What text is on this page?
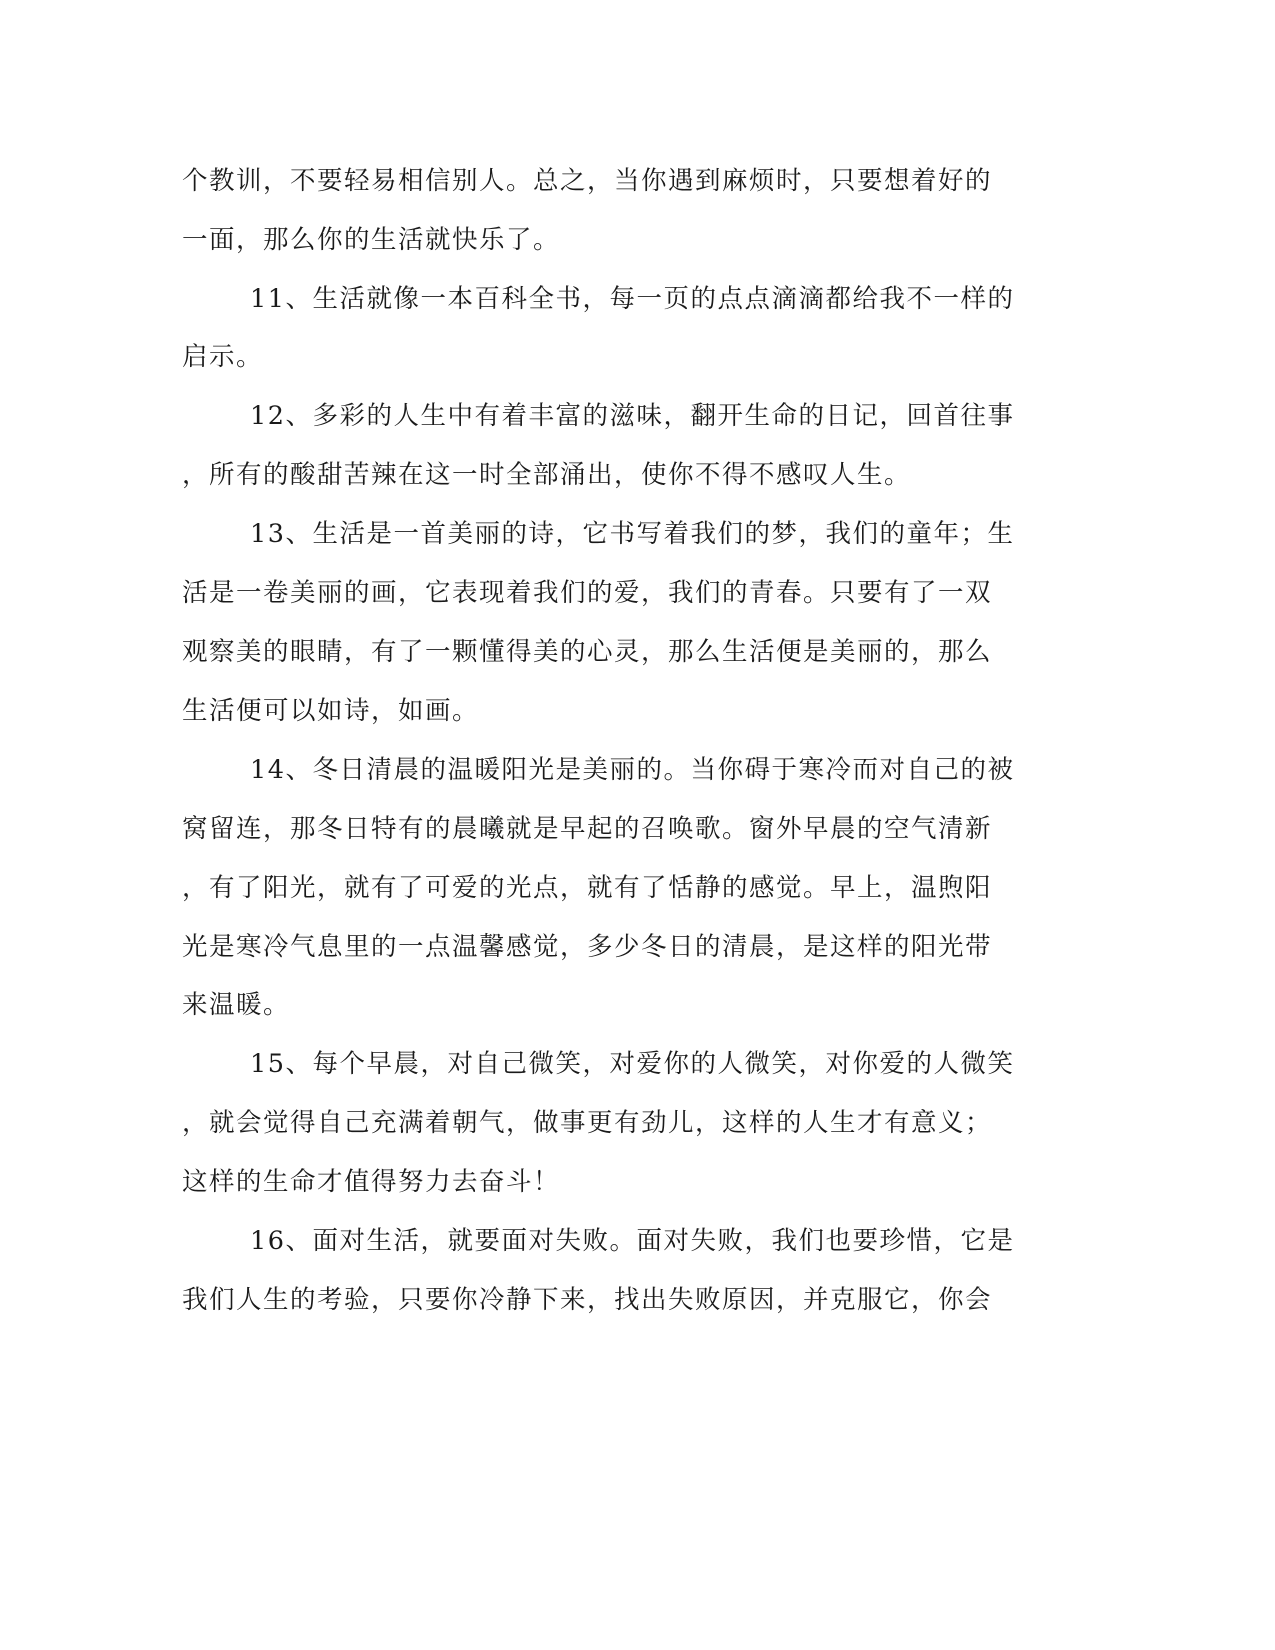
个教训，不要轻易相信别人。总之，当你遇到麻烦时，只要想着好的
一面，那么你的生活就快乐了。
11、生活就像一本百科全书，每一页的点点滴滴都给我不一样的
启示。
12、多彩的人生中有着丰富的滋味，翻开生命的日记，回首往事
，所有的酸甜苦辣在这一时全部涌出，使你不得不感叹人生。
13、生活是一首美丽的诗，它书写着我们的梦，我们的童年；生
活是一卷美丽的画，它表现着我们的爱，我们的青春。只要有了一双
观察美的眼睛，有了一颗懂得美的心灵，那么生活便是美丽的，那么
生活便可以如诗，如画。
14、冬日清晨的温暖阳光是美丽的。当你碍于寒冷而对自己的被
窝留连，那冬日特有的晨曦就是早起的召唤歌。窗外早晨的空气清新
，有了阳光，就有了可爱的光点，就有了恬静的感觉。早上，温煦阳
光是寒冷气息里的一点温馨感觉，多少冬日的清晨，是这样的阳光带
来温暖。
15、每个早晨，对自己微笑，对爱你的人微笑，对你爱的人微笑
，就会觉得自己充满着朝气，做事更有劲儿，这样的人生才有意义；
这样的生命才值得努力去奋斗！
16、面对生活，就要面对失败。面对失败，我们也要珍惜，它是
我们人生的考验，只要你冷静下来，找出失败原因，并克服它，你会
